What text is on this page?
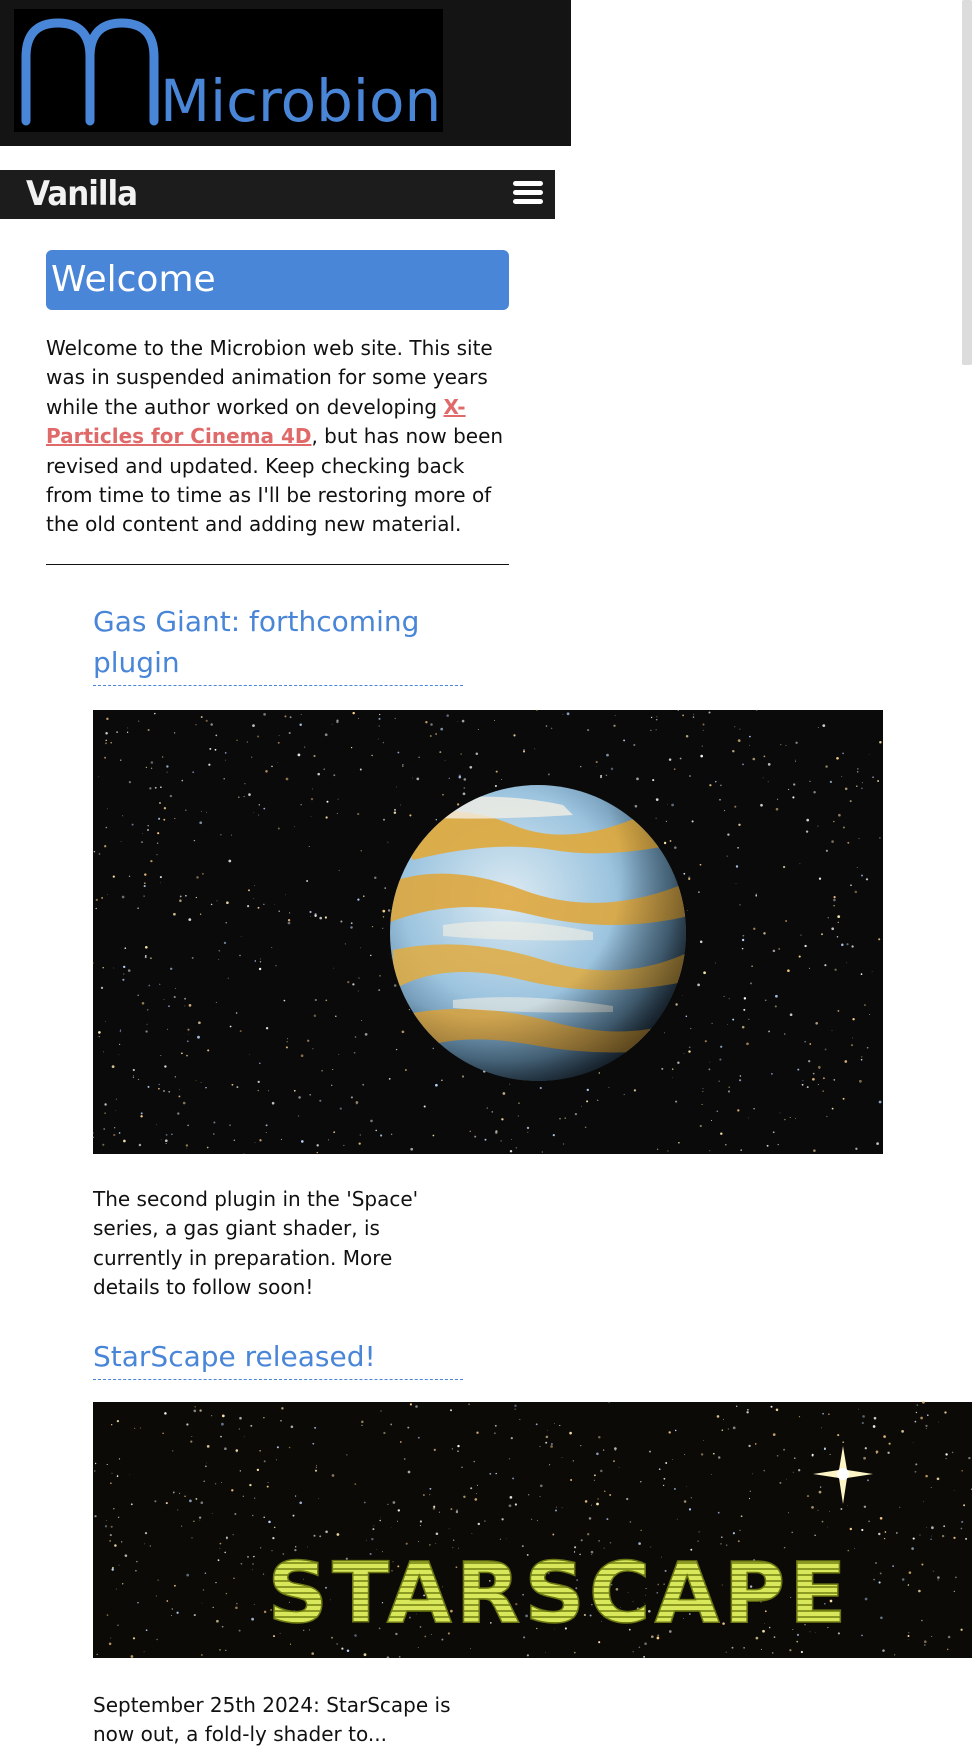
Microbion
Vanilla
Welcome

Welcome to the Microbion web site. This site was in suspended animation for some years while the author worked on developing X-Particles for Cinema 4D, but has now been revised and updated. Keep checking back from time to time as I'll be restoring more of the old content and adding new material.

Gas Giant: forthcoming plugin

The second plugin in the 'Space' series, a gas giant shader, is currently in preparation. More details to follow soon!

StarScape released!
STARSCAPE

September 25th 2024: StarScape is now out, a fold-ly shader to...
